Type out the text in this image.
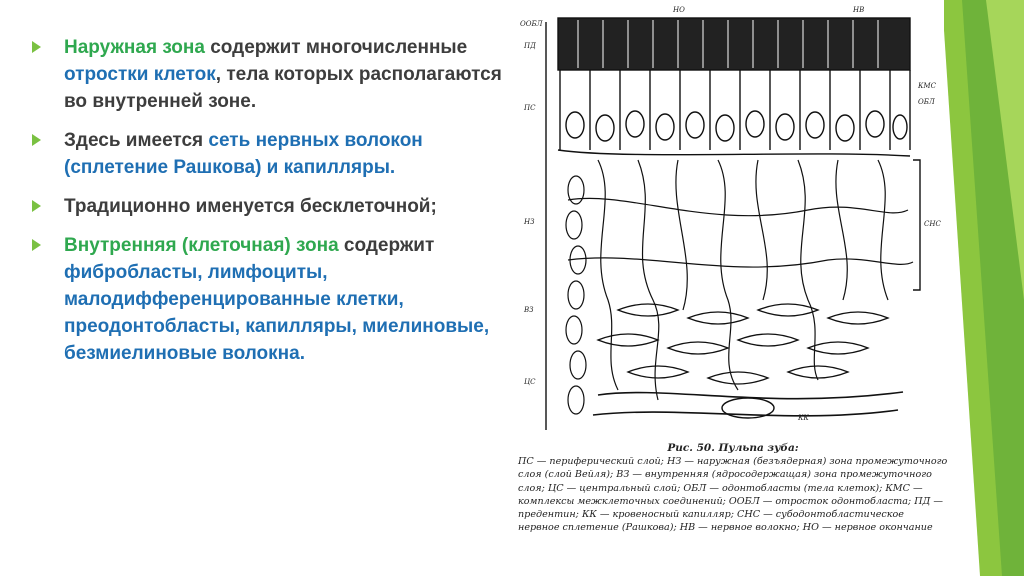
Наружная зона содержит многочисленные отростки клеток, тела которых располагаются во внутренней зоне.
Здесь имеется сеть нервных волокон (сплетение Рашкова) и капилляры.
Традиционно именуется бесклеточной;
Внутренняя (клеточная) зона содержит фибробласты, лимфоциты, малодифференцированные клетки, преодонтобласты, капилляры, миелиновые, безмиелиновые волокна.
ООБЛ
ПД
ПС
НЗ
ВЗ
ЦС
НО	НВ
КМС
ОБЛ
СНС
КК
Рис. 50. Пульпа зуба:
ПС — периферический слой; НЗ — наружная (безъядерная) зона промежуточного слоя (слой Вейля); ВЗ — внутренняя (ядросодержащая) зона промежуточного слоя; ЦС — центральный слой; ОБЛ — одонтобласты (тела клеток); КМС — комплексы межклеточных соединений; ООБЛ — отросток одонтобласта; ПД — предентин; КК — кровеносный капилляр; СНС — субодонтобластическое нервное сплетение (Рашкова); НВ — нервное волокно; НО — нервное окончание
